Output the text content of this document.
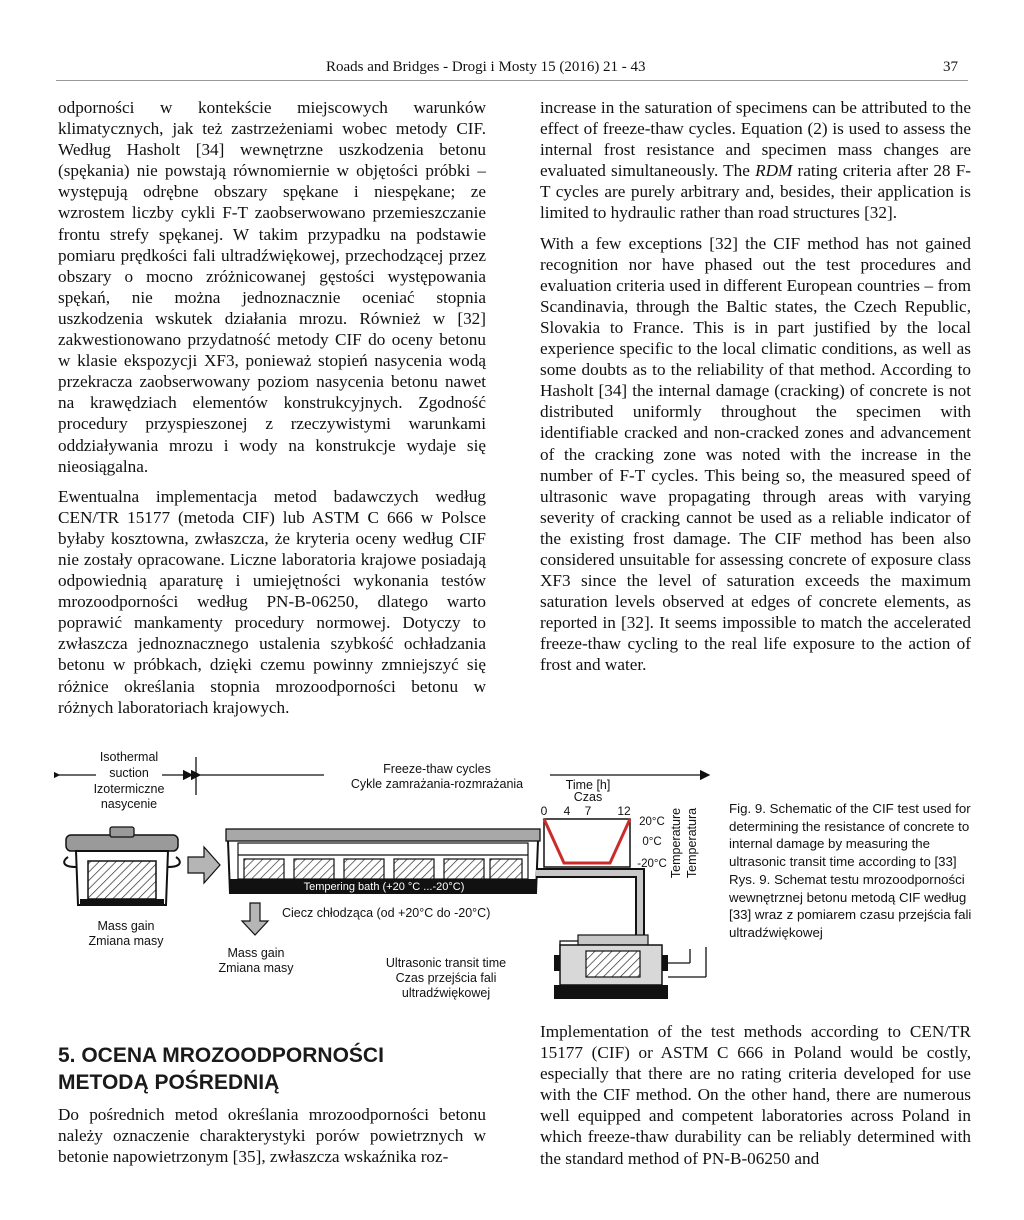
Roads and Bridges - Drogi i Mosty 15 (2016) 21 - 43	37

odporności w kontekście miejscowych warunków klimatycznych, jak też zastrzeżeniami wobec metody CIF. Według Hasholt [34] wewnętrzne uszkodzenia betonu (spękania) nie powstają równomiernie w objętości próbki – występują odrębne obszary spękane i niespękane; ze wzrostem liczby cykli F-T zaobserwowano przemieszczanie frontu strefy spękanej. W takim przypadku na podstawie pomiaru prędkości fali ultradźwiękowej, przechodzącej przez obszary o mocno zróżnicowanej gęstości występowania spękań, nie można jednoznacznie oceniać stopnia uszkodzenia wskutek działania mrozu. Również w [32] zakwestionowano przydatność metody CIF do oceny betonu w klasie ekspozycji XF3, ponieważ stopień nasycenia wodą przekracza zaobserwowany poziom nasycenia betonu nawet na krawędziach elementów konstrukcyjnych. Zgodność procedury przyspieszonej z rzeczywistymi warunkami oddziaływania mrozu i wody na konstrukcje wydaje się nieosiągalna.

Ewentualna implementacja metod badawczych według CEN/TR 15177 (metoda CIF) lub ASTM C 666 w Polsce byłaby kosztowna, zwłaszcza, że kryteria oceny według CIF nie zostały opracowane. Liczne laboratoria krajowe posiadają odpowiednią aparaturę i umiejętności wykonania testów mrozoodporności według PN-B-06250, dlatego warto poprawić mankamenty procedury normowej. Dotyczy to zwłaszcza jednoznacznego ustalenia szybkość ochładzania betonu w próbkach, dzięki czemu powinny zmniejszyć się różnice określania stopnia mrozoodporności betonu w różnych laboratoriach krajowych.

increase in the saturation of specimens can be attributed to the effect of freeze-thaw cycles. Equation (2) is used to assess the internal frost resistance and specimen mass changes are evaluated simultaneously. The RDM rating criteria after 28 F-T cycles are purely arbitrary and, besides, their application is limited to hydraulic rather than road structures [32].

With a few exceptions [32] the CIF method has not gained recognition nor have phased out the test procedures and evaluation criteria used in different European countries – from Scandinavia, through the Baltic states, the Czech Republic, Slovakia to France. This is in part justified by the local experience specific to the local climatic conditions, as well as some doubts as to the reliability of that method. According to Hasholt [34] the internal damage (cracking) of concrete is not distributed uniformly throughout the specimen with identifiable cracked and non-cracked zones and advancement of the cracking zone was noted with the increase in the number of F-T cycles. This being so, the measured speed of ultrasonic wave propagating through areas with varying severity of cracking cannot be used as a reliable indicator of the existing frost damage. The CIF method has been also considered unsuitable for assessing concrete of exposure class XF3 since the level of saturation exceeds the maximum saturation levels observed at edges of concrete elements, as reported in [32]. It seems impossible to match the accelerated freeze-thaw cycling to the real life exposure to the action of frost and water.

Isothermal
suction
Izotermiczne
nasycenie
Freeze-thaw cycles
Cykle zamrażania-rozmrażania
Mass gain
Zmiana masy
Tempering bath (+20 °C ...-20°C)
Mass gain
Zmiana masy
Ciecz chłodząca (od +20°C do -20°C)
Ultrasonic transit time
Czas przejścia fali
ultradźwiękowej
Time [h]
Czas
0 4 7 12
20°C
0°C
-20°C Temperature Temperatura Fig. 9. Schematic of the CIF test used for determining the resistance of concrete to internal damage by measuring the ultrasonic transit time according to [33]

Rys. 9. Schemat testu mrozoodporności wewnętrznej betonu metodą CIF według [33] wraz z pomiarem czasu przejścia fali ultradźwiękowej

5. OCENA MROZOODPORNOŚCI
METODĄ POŚREDNIĄ

Do pośrednich metod określania mrozoodporności betonu należy oznaczenie charakterystyki porów powietrznych w betonie napowietrzonym [35], zwłaszcza wskaźnika roz-

Implementation of the test methods according to CEN/TR 15177 (CIF) or ASTM C 666 in Poland would be costly, especially that there are no rating criteria developed for use with the CIF method. On the other hand, there are numerous well equipped and competent laboratories across Poland in which freeze-thaw durability can be reliably determined with the standard method of PN-B-06250 and
